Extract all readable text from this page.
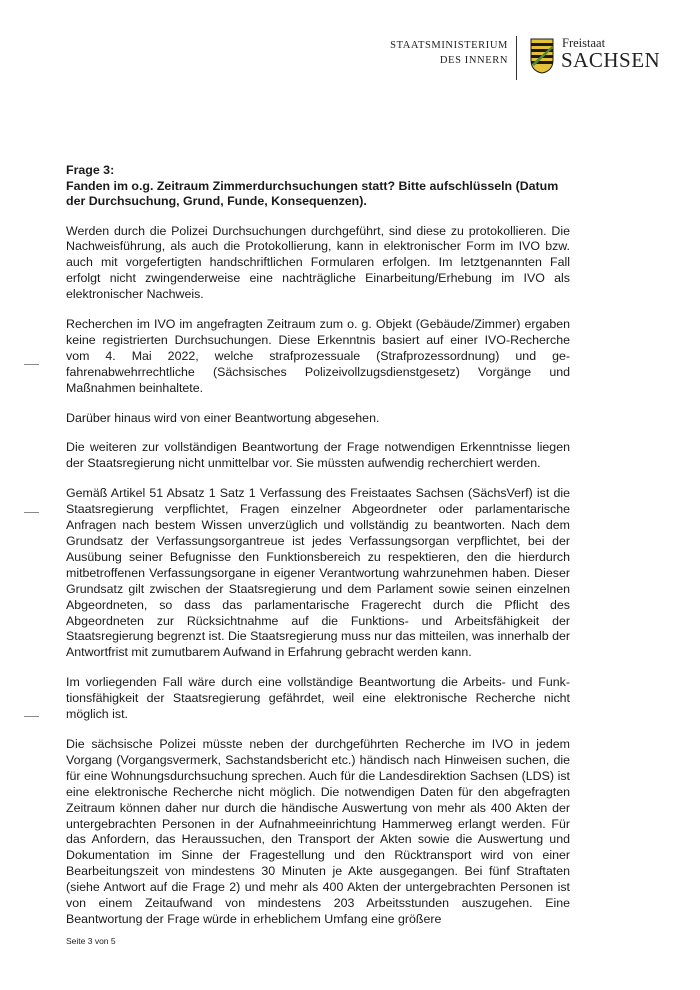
STAATSMINISTERIUM
DES INNERN
Freistaat
SACHSEN

Frage 3:

Fanden im o.g. Zeitraum Zimmerdurchsuchungen statt? Bitte aufschlüsseln (Datum der Durchsuchung, Grund, Funde, Konsequenzen).

Werden durch die Polizei Durchsuchungen durchgeführt, sind diese zu protokollieren. Die Nachweisführung, als auch die Protokollierung, kann in elektronischer Form im IVO bzw. auch mit vorgefertigten handschriftlichen Formularen erfolgen. Im letztgenannten Fall erfolgt nicht zwingenderweise eine nachträgliche Einarbeitung/Erhebung im IVO als elektronischer Nachweis.

Recherchen im IVO im angefragten Zeitraum zum o. g. Objekt (Gebäude/Zimmer) ergaben keine registrierten Durchsuchungen. Diese Erkenntnis basiert auf einer IVO-Recherche vom 4. Mai 2022, welche strafprozessuale (Strafprozessordnung) und gefahrenabwehrrechtliche (Sächsisches Polizeivollzugsdienstgesetz) Vorgänge und Maßnahmen beinhaltete.

Darüber hinaus wird von einer Beantwortung abgesehen.

Die weiteren zur vollständigen Beantwortung der Frage notwendigen Erkenntnisse liegen der Staatsregierung nicht unmittelbar vor. Sie müssten aufwendig recherchiert werden.

Gemäß Artikel 51 Absatz 1 Satz 1 Verfassung des Freistaates Sachsen (SächsVerf) ist die Staatsregierung verpflichtet, Fragen einzelner Abgeordneter oder parlamentarische Anfragen nach bestem Wissen unverzüglich und vollständig zu beantworten. Nach dem Grundsatz der Verfassungsorgantreue ist jedes Verfassungsorgan verpflichtet, bei der Ausübung seiner Befugnisse den Funktionsbereich zu respektieren, den die hierdurch mitbetroffenen Verfassungsorgane in eigener Verantwortung wahrzunehmen haben. Dieser Grundsatz gilt zwischen der Staatsregierung und dem Parlament sowie seinen einzelnen Abgeordneten, so dass das parlamentarische Fragerecht durch die Pflicht des Abgeordneten zur Rücksichtnahme auf die Funktions- und Arbeitsfähigkeit der Staatsregierung begrenzt ist. Die Staatsregierung muss nur das mitteilen, was innerhalb der Antwortfrist mit zumutbarem Aufwand in Erfahrung gebracht werden kann.

Im vorliegenden Fall wäre durch eine vollständige Beantwortung die Arbeits- und Funktionsfähigkeit der Staatsregierung gefährdet, weil eine elektronische Recherche nicht möglich ist.

Die sächsische Polizei müsste neben der durchgeführten Recherche im IVO in jedem Vorgang (Vorgangsvermerk, Sachstandsbericht etc.) händisch nach Hinweisen suchen, die für eine Wohnungsdurchsuchung sprechen. Auch für die Landesdirektion Sachsen (LDS) ist eine elektronische Recherche nicht möglich. Die notwendigen Daten für den abgefragten Zeitraum können daher nur durch die händische Auswertung von mehr als 400 Akten der untergebrachten Personen in der Aufnahmeeinrichtung Hammerweg erlangt werden. Für das Anfordern, das Heraussuchen, den Transport der Akten sowie die Auswertung und Dokumentation im Sinne der Fragestellung und den Rücktransport wird von einer Bearbeitungszeit von mindestens 30 Minuten je Akte ausgegangen. Bei fünf Straftaten (siehe Antwort auf die Frage 2) und mehr als 400 Akten der untergebrachten Personen ist von einem Zeitaufwand von mindestens 203 Arbeitsstunden auszugehen. Eine Beantwortung der Frage würde in erheblichem Umfang eine größere

Seite 3 von 5
